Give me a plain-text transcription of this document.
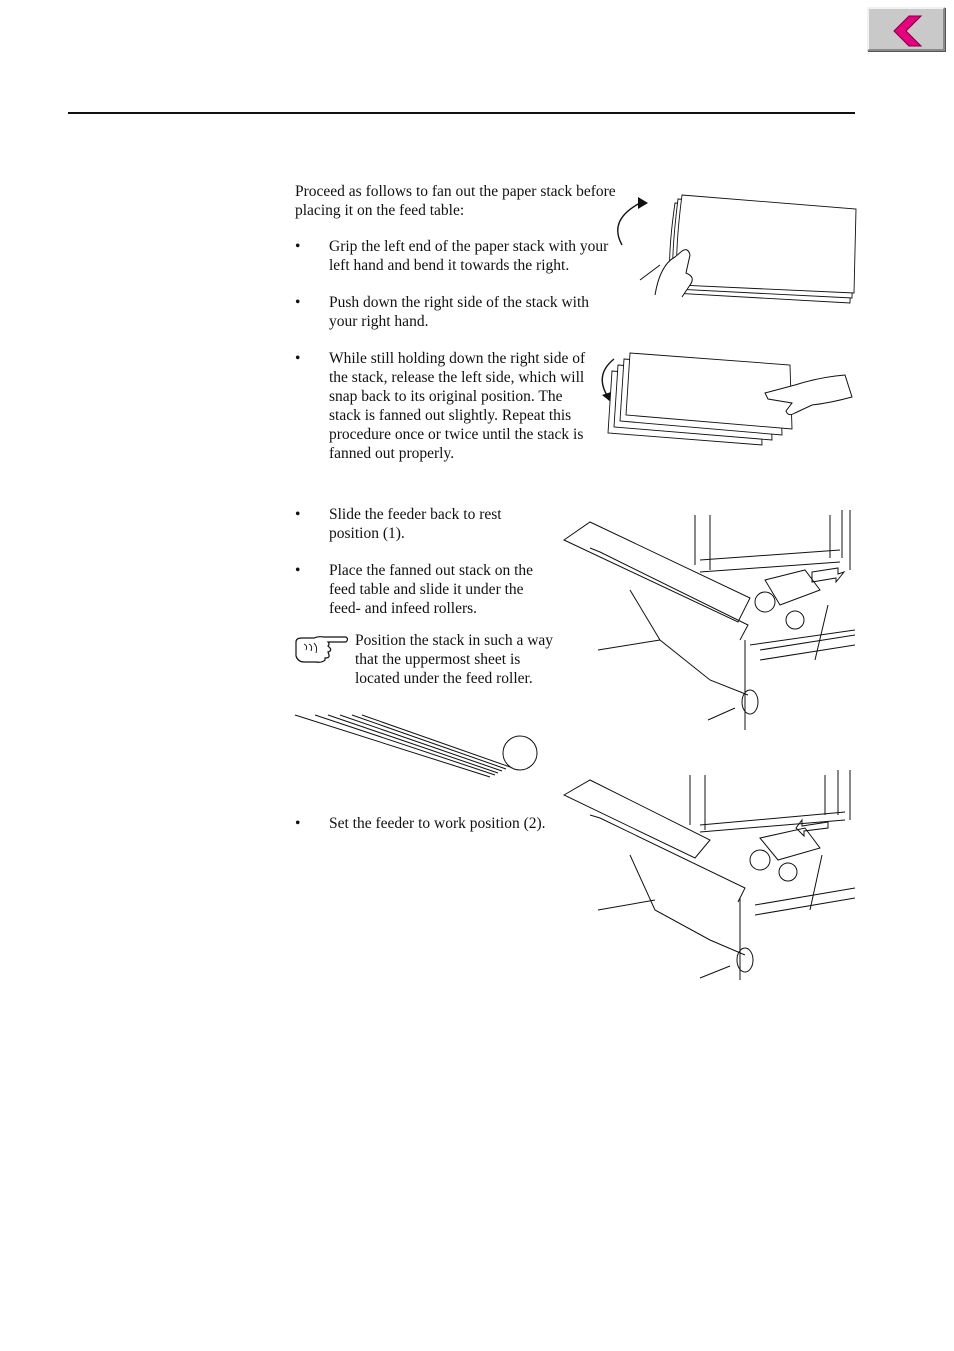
Proceed as follows to fan out the paper stack before placing it on the feed table:

• Grip the left end of the paper stack with your left hand and bend it towards the right.

• Push down the right side of the stack with your right hand.

• While still holding down the right side of the stack, release the left side, which will snap back to its original position. The stack is fanned out slightly. Repeat this procedure once or twice until the stack is fanned out properly.

• Slide the feeder back to rest position (1).

• Place the fanned out stack on the feed table and slide it under the feed- and infeed rollers.

Position the stack in such a way that the uppermost sheet is located under the feed roller.

• Set the feeder to work position (2).
